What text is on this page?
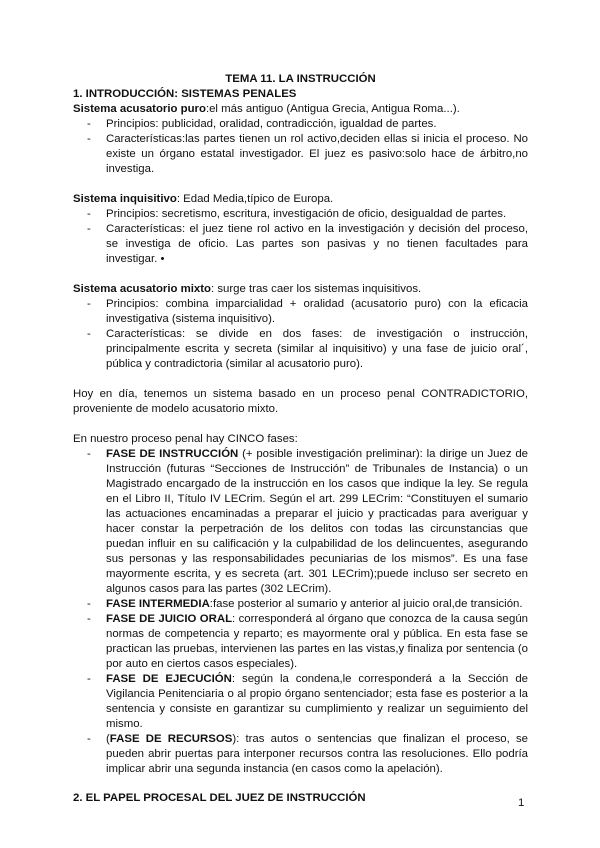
TEMA 11. LA INSTRUCCIÓN

1. INTRODUCCIÓN: SISTEMAS PENALES

Sistema acusatorio puro:el más antiguo (Antigua Grecia, Antigua Roma...).

- Principios: publicidad, oralidad, contradicción, igualdad de partes.
- Características:las partes tienen un rol activo,deciden ellas si inicia el proceso. No existe un órgano estatal investigador. El juez es pasivo:solo hace de árbitro,no investiga.

Sistema inquisitivo: Edad Media,típico de Europa.

- Principios: secretismo, escritura, investigación de oficio, desigualdad de partes.
- Características: el juez tiene rol activo en la investigación y decisión del proceso, se investiga de oficio. Las partes son pasivas y no tienen facultades para investigar. •

Sistema acusatorio mixto: surge tras caer los sistemas inquisitivos.

- Principios: combina imparcialidad + oralidad (acusatorio puro) con la eficacia investigativa (sistema inquisitivo).
- Características: se divide en dos fases: de investigación o instrucción, principalmente escrita y secreta (similar al inquisitivo) y una fase de juicio oral´, pública y contradictoria (similar al acusatorio puro).

Hoy en día, tenemos un sistema basado en un proceso penal CONTRADICTORIO, proveniente de modelo acusatorio mixto.

En nuestro proceso penal hay CINCO fases:

- FASE DE INSTRUCCIÓN (+ posible investigación preliminar): la dirige un Juez de Instrucción (futuras “Secciones de Instrucción” de Tribunales de Instancia) o un Magistrado encargado de la instrucción en los casos que indique la ley. Se regula en el Libro II, Título IV LECrim. Según el art. 299 LECrim: “Constituyen el sumario las actuaciones encaminadas a preparar el juicio y practicadas para averiguar y hacer constar la perpetración de los delitos con todas las circunstancias que puedan influir en su calificación y la culpabilidad de los delincuentes, asegurando sus personas y las responsabilidades pecuniarias de los mismos”. Es una fase mayormente escrita, y es secreta (art. 301 LECrim);puede incluso ser secreto en algunos casos para las partes (302 LECrim).
- FASE INTERMEDIA:fase posterior al sumario y anterior al juicio oral,de transición.
- FASE DE JUICIO ORAL: corresponderá al órgano que conozca de la causa según normas de competencia y reparto; es mayormente oral y pública. En esta fase se practican las pruebas, intervienen las partes en las vistas,y finaliza por sentencia (o por auto en ciertos casos especiales).
- FASE DE EJECUCIÓN: según la condena,le corresponderá a la Sección de Vigilancia Penitenciaria o al propio órgano sentenciador; esta fase es posterior a la sentencia y consiste en garantizar su cumplimiento y realizar un seguimiento del mismo.
- (FASE DE RECURSOS): tras autos o sentencias que finalizan el proceso, se pueden abrir puertas para interponer recursos contra las resoluciones. Ello podría implicar abrir una segunda instancia (en casos como la apelación).

2. EL PAPEL PROCESAL DEL JUEZ DE INSTRUCCIÓN	1
